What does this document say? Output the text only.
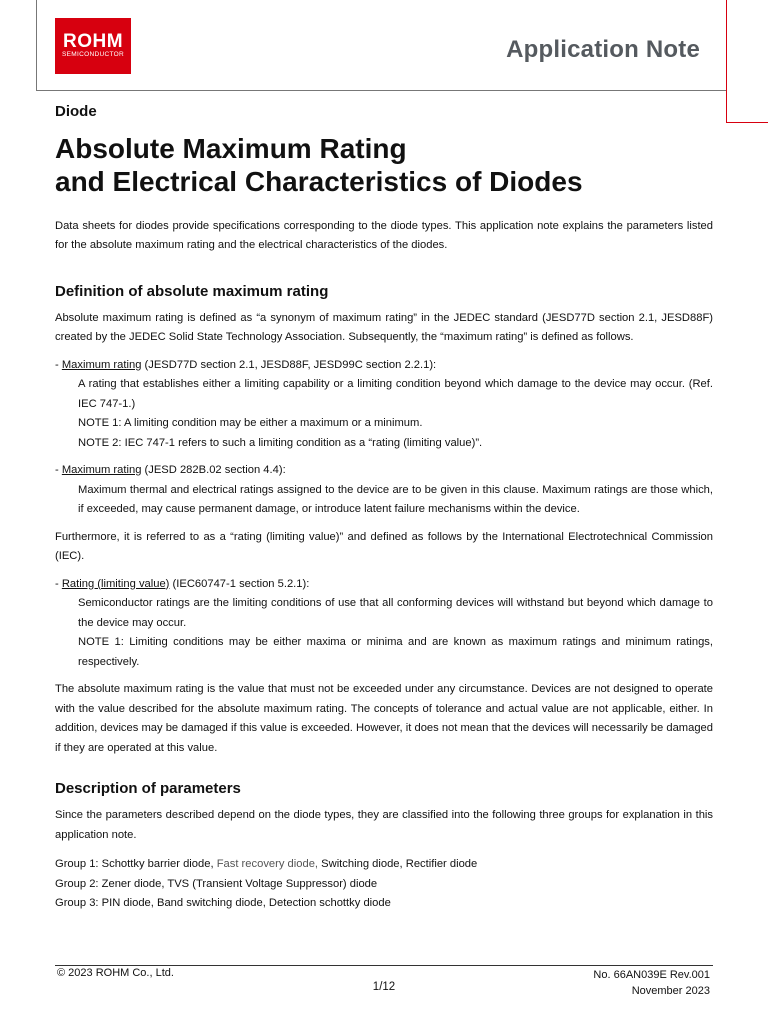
ROHM
SEMICONDUCTOR	Application Note

Diode

Absolute Maximum Rating
and Electrical Characteristics of Diodes

Data sheets for diodes provide specifications corresponding to the diode types. This application note explains the parameters listed for the absolute maximum rating and the electrical characteristics of the diodes.

Definition of absolute maximum rating

Absolute maximum rating is defined as “a synonym of maximum rating” in the JEDEC standard (JESD77D section 2.1, JESD88F) created by the JEDEC Solid State Technology Association. Subsequently, the “maximum rating” is defined as follows.

- Maximum rating (JESD77D section 2.1, JESD88F, JESD99C section 2.2.1):

A rating that establishes either a limiting capability or a limiting condition beyond which damage to the device may occur. (Ref. IEC 747-1.)

NOTE 1: A limiting condition may be either a maximum or a minimum.

NOTE 2: IEC 747-1 refers to such a limiting condition as a “rating (limiting value)”.

- Maximum rating (JESD 282B.02 section 4.4):

Maximum thermal and electrical ratings assigned to the device are to be given in this clause. Maximum ratings are those which, if exceeded, may cause permanent damage, or introduce latent failure mechanisms within the device.

Furthermore, it is referred to as a “rating (limiting value)” and defined as follows by the International Electrotechnical Commission (IEC).

- Rating (limiting value) (IEC60747-1 section 5.2.1):

Semiconductor ratings are the limiting conditions of use that all conforming devices will withstand but beyond which damage to the device may occur.

NOTE 1: Limiting conditions may be either maxima or minima and are known as maximum ratings and minimum ratings, respectively.

The absolute maximum rating is the value that must not be exceeded under any circumstance. Devices are not designed to operate with the value described for the absolute maximum rating. The concepts of tolerance and actual value are not applicable, either. In addition, devices may be damaged if this value is exceeded. However, it does not mean that the devices will necessarily be damaged if they are operated at this value.

Description of parameters

Since the parameters described depend on the diode types, they are classified into the following three groups for explanation in this application note.

Group 1: Schottky barrier diode, Fast recovery diode, Switching diode, Rectifier diode
Group 2: Zener diode, TVS (Transient Voltage Suppressor) diode
Group 3: PIN diode, Band switching diode, Detection schottky diode
© 2023 ROHM Co., Ltd.
1/12
No. 66AN039E Rev.001
November 2023
